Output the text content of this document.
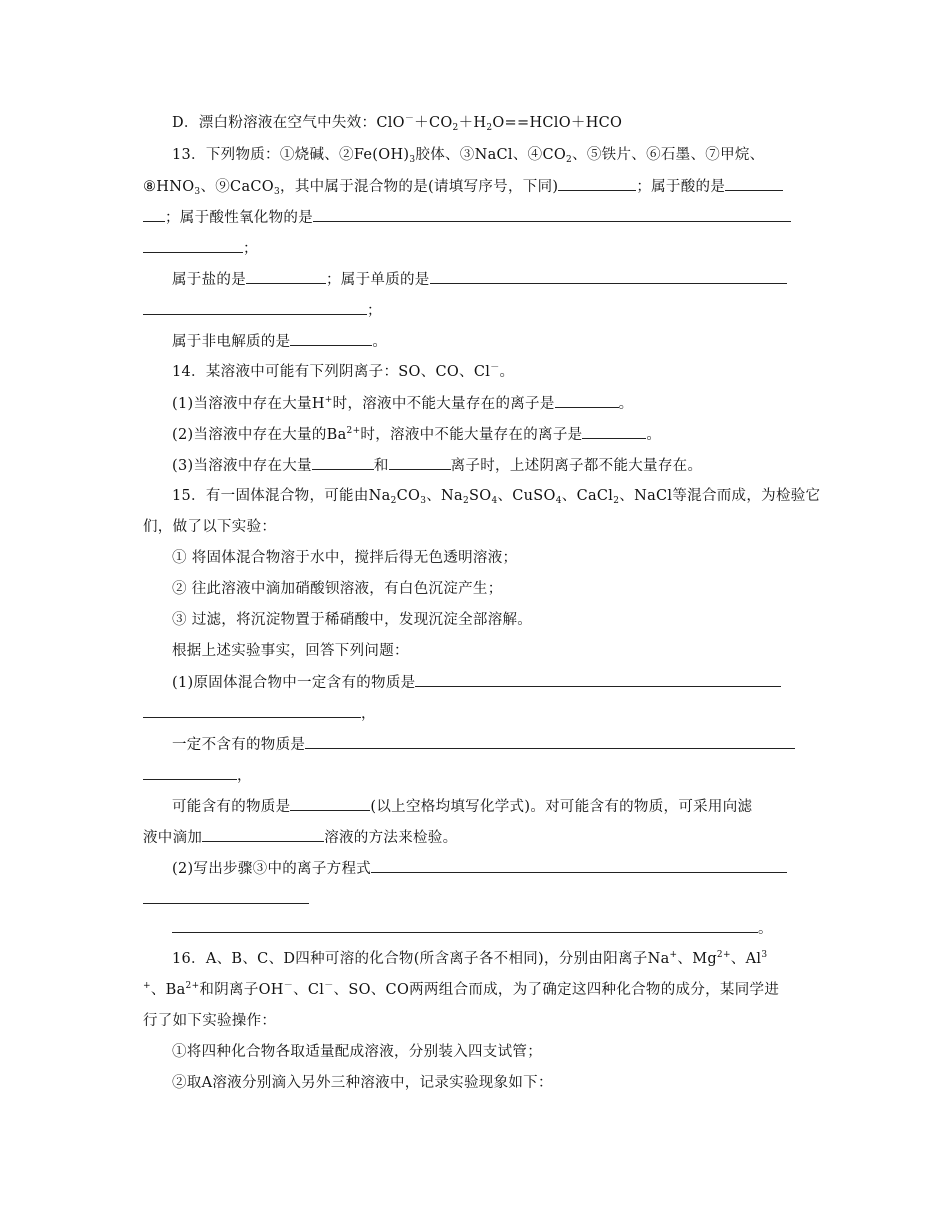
D．漂白粉溶液在空气中失效：$ClO^-+CO_2+H_2O==HClO+HCO$
13．下列物质：①烧碱、$②Fe(OH)_3$胶体、③NaCl、$④CO_2$、⑤铁片、⑥石墨、⑦甲烷、
$⑧HNO_3$、⑨CaCO$_3$，其中属于混合物的是(请填写序号，下同)	；属于酸的是
；属于酸性氧化物的是
；
属于盐的是	；属于单质的是
；
属于非电解质的是	。
14．某溶液中可能有下列阴离子：SO、CO、Cl－。
(1)当溶液中存在大量H+时，溶液中不能大量存在的离子是	。
(2)当溶液中存在大量的$Ba^{2+}$时，溶液中不能大量存在的离子是	。
(3)当溶液中存在大量	和	离子时，上述阴离子都不能大量存在。
15．有一固体混合物，可能由$Na_2CO_3$、$Na_2SO_4$、CuSO$_4$、CaCl$_2$、NaCl等混合而成，为检验它
们，做了以下实验：
① 将固体混合物溶于水中，搅拌后得无色透明溶液；
② 往此溶液中滴加硝酸钡溶液，有白色沉淀产生；
③ 过滤，将沉淀物置于稀硝酸中，发现沉淀全部溶解。
根据上述实验事实，回答下列问题：
(1)原固体混合物中一定含有的物质是
，
一定不含有的物质是
，
可能含有的物质是	(以上空格均填写化学式)。对可能含有的物质，可采用向滤
液中滴加	溶液的方法来检验。
(2)写出步骤③中的离子方程式
。
16．A、B、C、D四种可溶的化合物(所含离子各不相同)，分别由阳离子Na+、$Mg^{2+}$、Al$^3$
+、$Ba^{2+}$和阴离子OH－、Cl－、SO、CO两两组合而成，为了确定这四种化合物的成分，某同学进
行了如下实验操作：
①将四种化合物各取适量配成溶液，分别装入四支试管；
②取A溶液分别滴入另外三种溶液中，记录实验现象如下：
